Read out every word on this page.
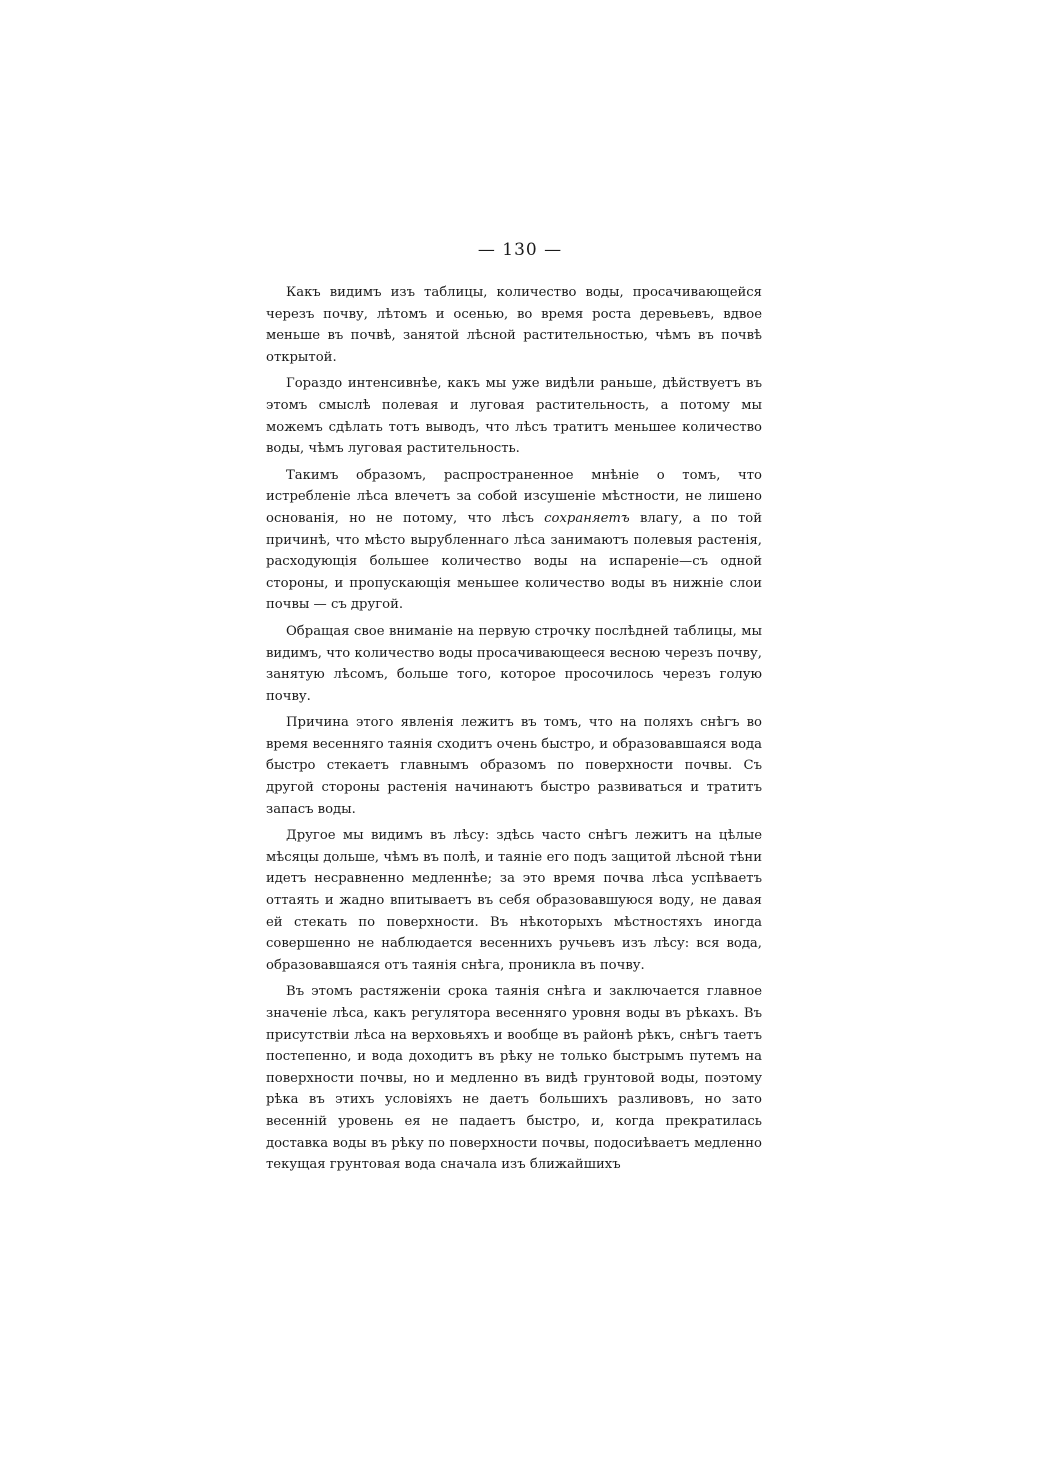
— 130 —

Какъ видимъ изъ таблицы, количество воды, просачивающейся черезъ почву, лѣтомъ и осенью, во время роста деревьевъ, вдвое меньше въ почвѣ, занятой лѣсной растительностью, чѣмъ въ почвѣ открытой.

Гораздо интенсивнѣе, какъ мы уже видѣли раньше, дѣйствуетъ въ этомъ смыслѣ полевая и луговая растительность, а потому мы можемъ сдѣлать тотъ выводъ, что лѣсъ тратитъ меньшее количество воды, чѣмъ луговая растительность.

Такимъ образомъ, распространенное мнѣніе о томъ, что истребленіе лѣса влечетъ за собой изсушеніе мѣстности, не лишено основанія, но не потому, что лѣсъ сохраняетъ влагу, а по той причинѣ, что мѣсто вырубленнаго лѣса занимаютъ полевыя растенія, расходующія большее количество воды на испареніе—съ одной стороны, и пропускающія меньшее количество воды въ нижніе слои почвы — съ другой.

Обращая свое вниманіе на первую строчку послѣдней таблицы, мы видимъ, что количество воды просачивающееся весною черезъ почву, занятую лѣсомъ, больше того, которое просочилось черезъ голую почву.

Причина этого явленія лежитъ въ томъ, что на поляхъ снѣгъ во время весенняго таянія сходитъ очень быстро, и образовавшаяся вода быстро стекаетъ главнымъ образомъ по поверхности почвы. Съ другой стороны растенія начинаютъ быстро развиваться и тратитъ запасъ воды.

Другое мы видимъ въ лѣсу: здѣсь часто снѣгъ лежитъ на цѣлые мѣсяцы дольше, чѣмъ въ полѣ, и таяніе его подъ защитой лѣсной тѣни идетъ несравненно медленнѣе; за это время почва лѣса успѣваетъ оттаять и жадно впитываетъ въ себя образовавшуюся воду, не давая ей стекать по поверхности. Въ нѣкоторыхъ мѣстностяхъ иногда совершенно не наблюдается весеннихъ ручьевъ изъ лѣсу: вся вода, образовавшаяся отъ таянія снѣга, проникла въ почву.

Въ этомъ растяженіи срока таянія снѣга и заключается главное значеніе лѣса, какъ регулятора весенняго уровня воды въ рѣкахъ. Въ присутствіи лѣса на верховьяхъ и вообще въ районѣ рѣкъ, снѣгъ таетъ постепенно, и вода доходитъ въ рѣку не только быстрымъ путемъ на поверхности почвы, но и медленно въ видѣ грунтовой воды, поэтому рѣка въ этихъ условіяхъ не даетъ большихъ разливовъ, но зато весенній уровень ея не падаетъ быстро, и, когда прекратилась доставка воды въ рѣку по поверхности почвы, подосиѣваетъ медленно текущая грунтовая вода сначала изъ ближайшихъ
